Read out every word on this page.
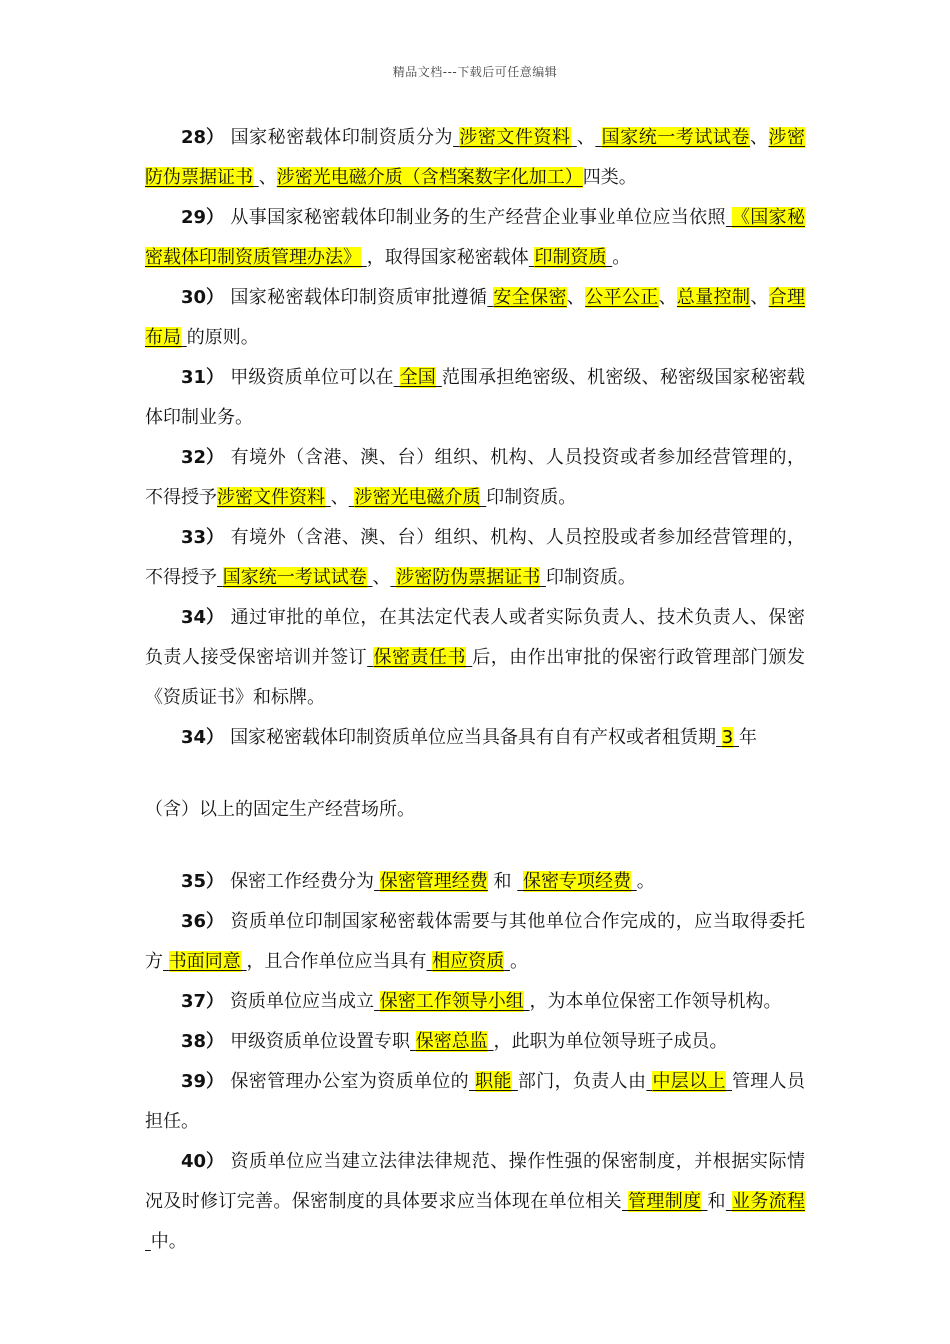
精品文档---下载后可任意编辑

28） 国家秘密载体印制资质分为 涉密文件资料 、 国家统一考试试卷、涉密 防伪票据证书 、涉密光电磁介质（含档案数字化加工）四类。

29） 从事国家秘密载体印制业务的生产经营企业事业单位应当依照 《国家秘密载体印制资质管理办法》 ，取得国家秘密载体 印制资质 。

30） 国家秘密载体印制资质审批遵循 安全保密、公平公正、总量控制、合理布局 的原则。

31） 甲级资质单位可以在 全国 范围承担绝密级、机密级、秘密级国家秘密载体印制业务。

32） 有境外（含港、澳、台）组织、机构、人员投资或者参加经营管理的，不得授予涉密文件资料 、 涉密光电磁介质 印制资质。

33） 有境外（含港、澳、台）组织、机构、人员控股或者参加经营管理的，不得授予 国家统一考试试卷 、 涉密防伪票据证书 印制资质。

34） 通过审批的单位，在其法定代表人或者实际负责人、技术负责人、保密负责人接受保密培训并签订 保密责任书 后，由作出审批的保密行政管理部门颁发《资质证书》和标牌。

34） 国家秘密载体印制资质单位应当具备具有自有产权或者租赁期 3 年

（含）以上的固定生产经营场所。

35） 保密工作经费分为 保密管理经费 和  保密专项经费 。

36） 资质单位印制国家秘密载体需要与其他单位合作完成的，应当取得委托方 书面同意 ，且合作单位应当具有 相应资质 。

37） 资质单位应当成立 保密工作领导小组 ，为本单位保密工作领导机构。

38） 甲级资质单位设置专职 保密总监 ，此职为单位领导班子成员。

39） 保密管理办公室为资质单位的 职能 部门，负责人由 中层以上 管理人员担任。

40） 资质单位应当建立法律法律规范、操作性强的保密制度，并根据实际情况及时修订完善。保密制度的具体要求应当体现在单位相关 管理制度 和 业务流程 中。
